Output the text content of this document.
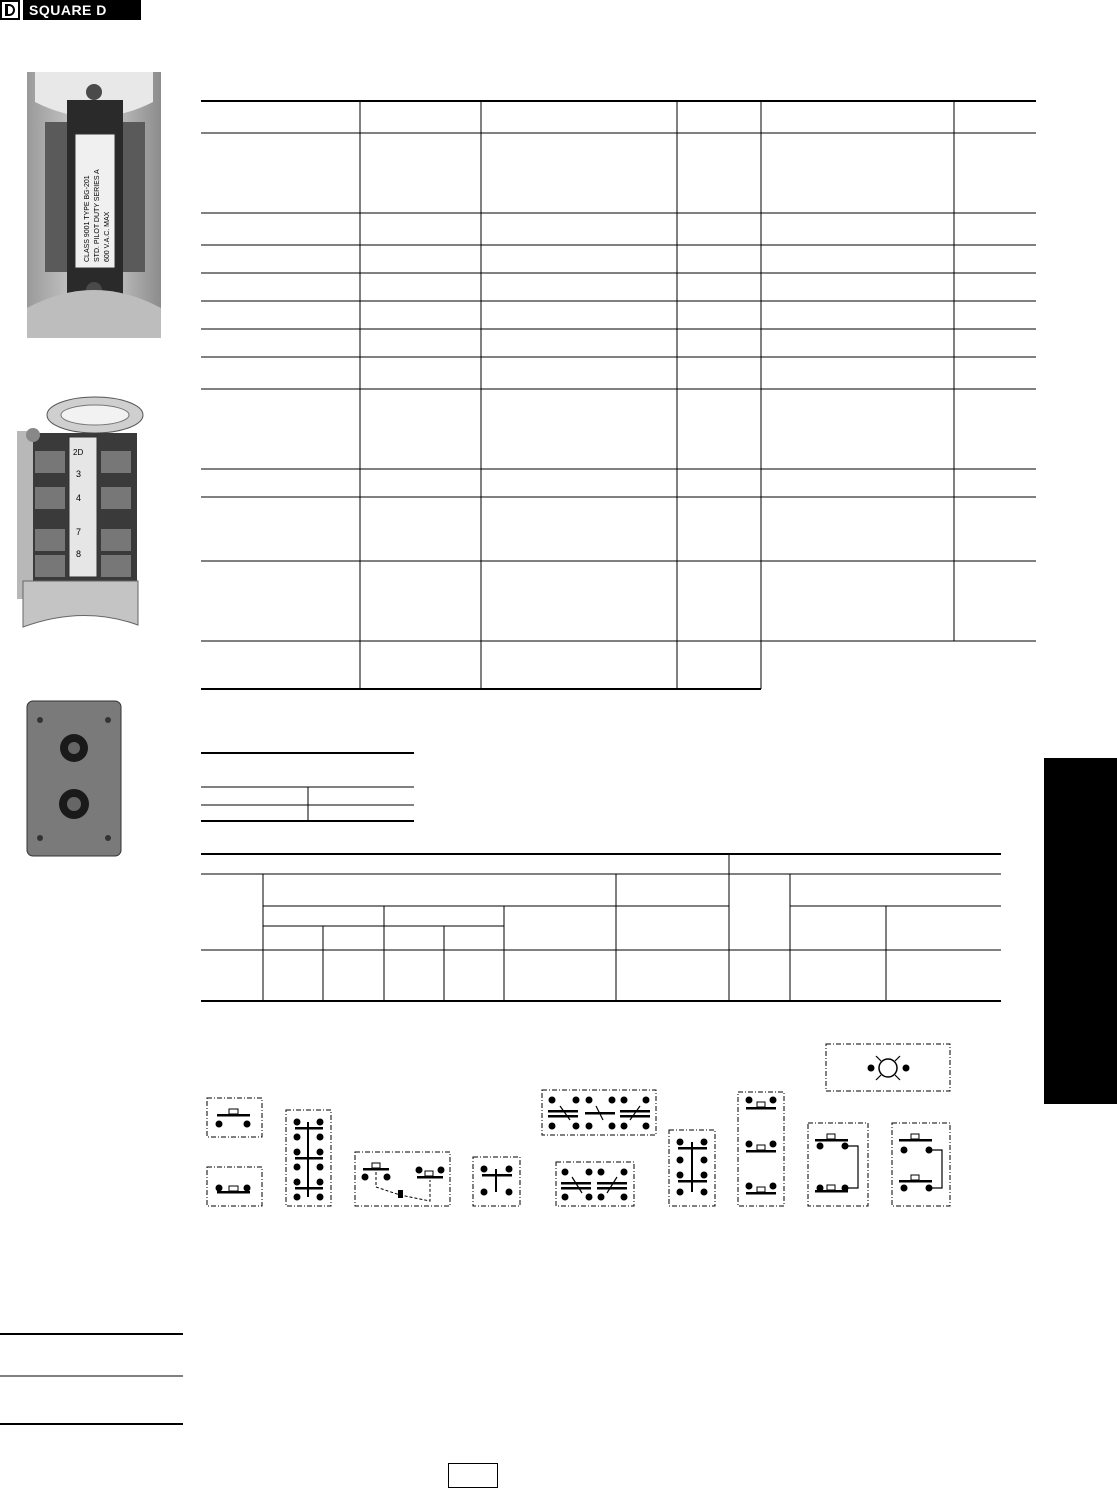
SQUARE D
CLASS 9001 TYPE BG-201 STD. PILOT DUTY SERIES A 600 V.A.C. MAX
2D
3
4
7
8
